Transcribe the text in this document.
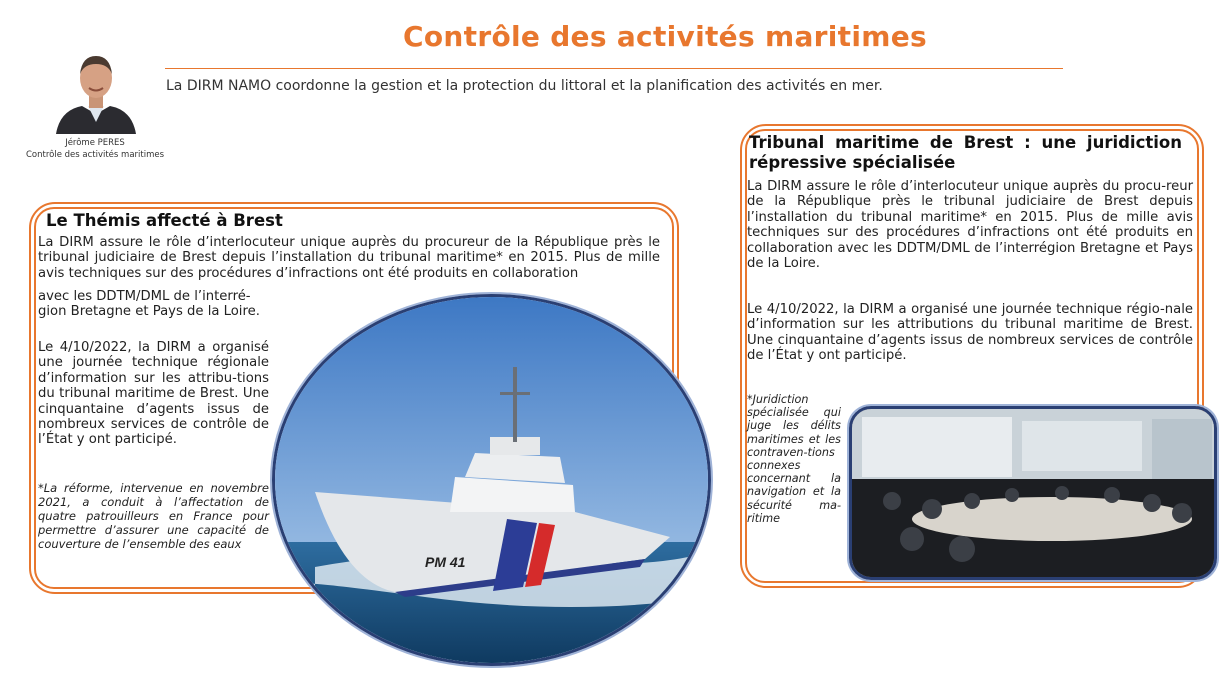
Contrôle des activités maritimes
La DIRM NAMO coordonne la gestion et la protection du littoral et la planification des activités en mer.
Jérôme PERES
Contrôle des activités maritimes
Le Thémis affecté à Brest
La DIRM assure le rôle d’interlocuteur unique auprès du procureur de la République près le tribunal judiciaire de Brest depuis l’installation du tribunal maritime* en 2015. Plus de mille avis techniques sur des procédures d’infractions ont été produits en collaboration
avec les DDTM/DML de l’interré-gion Bretagne et Pays de la Loire.
Le 4/10/2022, la DIRM a organisé une journée technique régionale d’information sur les attribu-tions du tribunal maritime de Brest. Une cinquantaine d’agents issus de nombreux services de contrôle de l’État y ont participé.
*La réforme, intervenue en novembre 2021, a conduit à l’affectation de quatre patrouilleurs en France pour permettre d’assurer une capacité de couverture de l’ensemble des eaux
PM 41
Tribunal maritime de Brest : une juridiction répressive spécialisée
La DIRM assure le rôle d’interlocuteur unique auprès du procu-reur de la République près le tribunal judiciaire de Brest depuis l’installation du tribunal maritime* en 2015. Plus de mille avis techniques sur des procédures d’infractions ont été produits en collaboration avec les DDTM/DML de l’interrégion Bretagne et Pays de la Loire.
Le 4/10/2022, la DIRM a organisé une journée technique régio-nale d’information sur les attributions du tribunal maritime de Brest. Une cinquantaine d’agents issus de nombreux services de contrôle de l’État y ont participé.
*Juridiction spécialisée qui juge les délits maritimes et les contraven-tions connexes concernant la navigation et la sécurité ma-ritime
